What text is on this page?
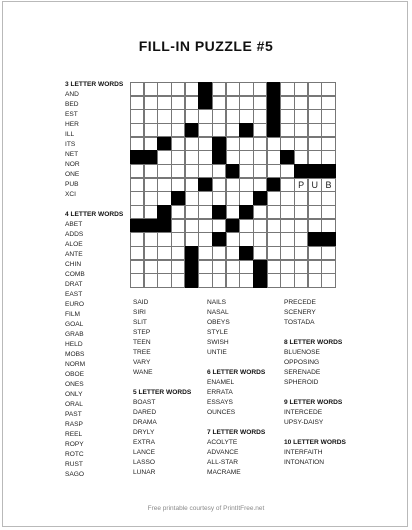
FILL-IN PUZZLE #5
3 LETTER WORDS
AND
BED
EST
HER
ILL
ITS
NET
NOR
ONE
PUB
XCI
4 LETTER WORDS
ABET
ADDS
ALOE
ANTE
CHIN
COMB
DRAT
EAST
EURO
FILM
GOAL
GRAB
HELD
MOBS
NORM
OBOE
ONES
ONLY
ORAL
PAST
RASP
REEL
ROPY
ROTC
RUST
SAGO
SAID
SIRI
SLIT
STEP
TEEN
TREE
VARY
WANE
5 LETTER WORDS
BOAST
DARED
DRAMA
DRYLY
EXTRA
LANCE
LASSO
LUNAR
NAILS
NASAL
OBEYS
STYLE
SWISH
UNTIE
6 LETTER WORDS
ENAMEL
ERRATA
ESSAYS
OUNCES
7 LETTER WORDS
ACOLYTE
ADVANCE
ALL-STAR
MACRAME
PRECEDE
SCENERY
TOSTADA
8 LETTER WORDS
BLUENOSE
OPPOSING
SERENADE
SPHEROID
9 LETTER WORDS
INTERCEDE
UPSY-DAISY
10 LETTER WORDS
INTERFAITH
INTONATION
P U B
Free printable courtesy of PrintItFree.net
